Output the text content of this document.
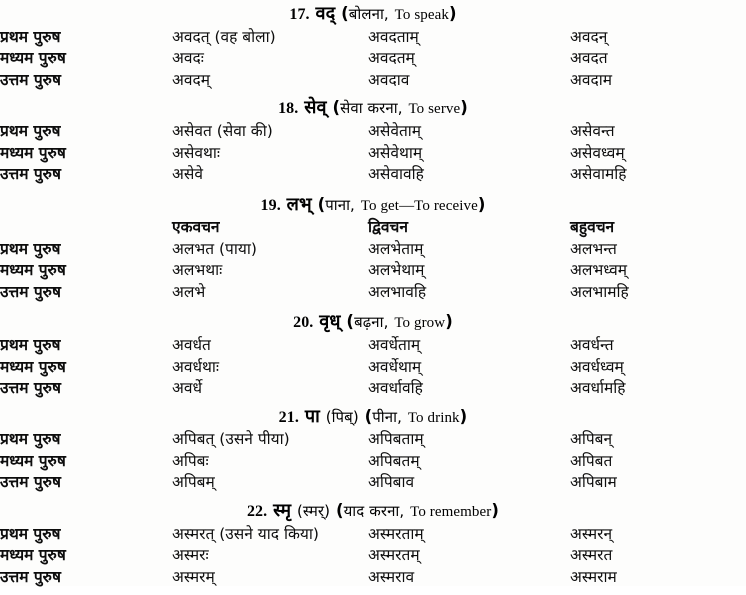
17. वद् (बोलना, To speak)
प्रथम पुरुष	अवदत् (वह बोला)	अवदताम्	अवदन्
मध्यम पुरुष	अवदः	अवदतम्	अवदत
उत्तम पुरुष	अवदम्	अवदाव	अवदाम
18. सेव् (सेवा करना, To serve)
प्रथम पुरुष	असेवत (सेवा की)	असेवेताम्	असेवन्त
मध्यम पुरुष	असेवथाः	असेवेथाम्	असेवध्वम्
उत्तम पुरुष	असेवे	असेवावहि	असेवामहि
19. लभ् (पाना, To get—To receive)
	एकवचन	द्विवचन	बहुवचन
प्रथम पुरुष	अलभत (पाया)	अलभेताम्	अलभन्त
मध्यम पुरुष	अलभथाः	अलभेथाम्	अलभध्वम्
उत्तम पुरुष	अलभे	अलभावहि	अलभामहि
20. वृध् (बढ़ना, To grow)
प्रथम पुरुष	अवर्धत	अवर्धेताम्	अवर्धन्त
मध्यम पुरुष	अवर्धथाः	अवर्धेथाम्	अवर्धध्वम्
उत्तम पुरुष	अवर्धे	अवर्धावहि	अवर्धामहि
21. पा (पिब्) (पीना, To drink)
प्रथम पुरुष	अपिबत् (उसने पीया)	अपिबताम्	अपिबन्
मध्यम पुरुष	अपिबः	अपिबतम्	अपिबत
उत्तम पुरुष	अपिबम्	अपिबाव	अपिबाम
22. स्मृ (स्मर्) (याद करना, To remember)
प्रथम पुरुष	अस्मरत् (उसने याद किया)	अस्मरताम्	अस्मरन्
मध्यम पुरुष	अस्मरः	अस्मरतम्	अस्मरत
उत्तम पुरुष	अस्मरम्	अस्मराव	अस्मराम
